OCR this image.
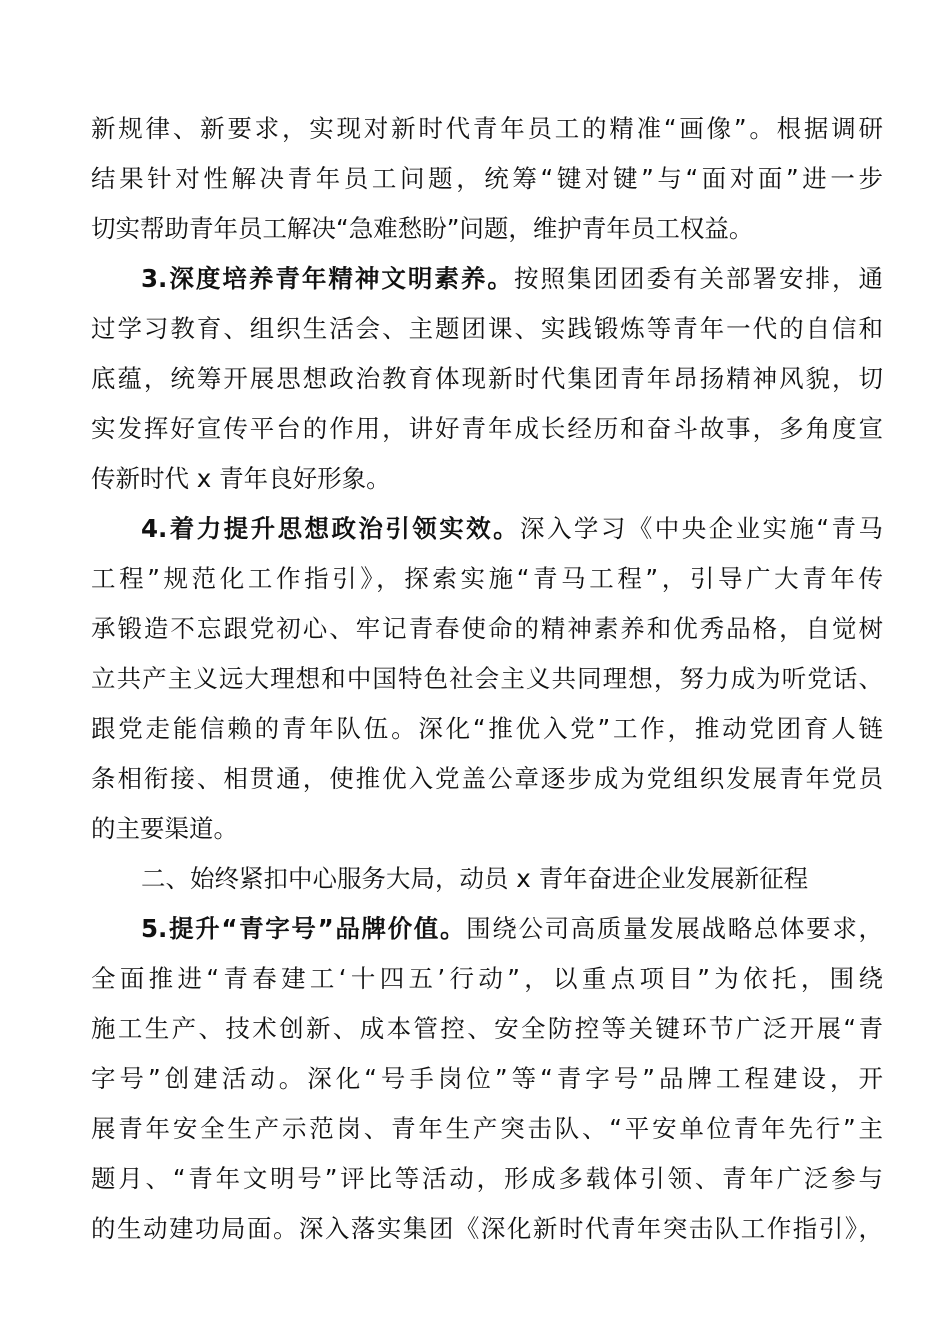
新规律、新要求，实现对新时代青年员工的精准“画像”。根据调研
结果针对性解决青年员工问题，统筹“键对键”与“面对面”进一步
切实帮助青年员工解决“急难愁盼”问题，维护青年员工权益。
3.深度培养青年精神文明素养。按照集团团委有关部署安排，通
过学习教育、组织生活会、主题团课、实践锻炼等青年一代的自信和
底蕴，统筹开展思想政治教育体现新时代集团青年昂扬精神风貌，切
实发挥好宣传平台的作用，讲好青年成长经历和奋斗故事，多角度宣
传新时代 x 青年良好形象。
4.着力提升思想政治引领实效。深入学习《中央企业实施“青马
工程”规范化工作指引》，探索实施“青马工程”，引导广大青年传
承锻造不忘跟党初心、牢记青春使命的精神素养和优秀品格，自觉树
立共产主义远大理想和中国特色社会主义共同理想，努力成为听党话、
跟党走能信赖的青年队伍。深化“推优入党”工作，推动党团育人链
条相衔接、相贯通，使推优入党盖公章逐步成为党组织发展青年党员
的主要渠道。
二、始终紧扣中心服务大局，动员 x 青年奋进企业发展新征程
5.提升“青字号”品牌价值。围绕公司高质量发展战略总体要求，
全面推进“青春建工‘十四五’行动”，以重点项目”为依托，围绕
施工生产、技术创新、成本管控、安全防控等关键环节广泛开展“青
字号”创建活动。深化“号手岗位”等“青字号”品牌工程建设，开
展青年安全生产示范岗、青年生产突击队、“平安单位青年先行”主
题月、“青年文明号”评比等活动，形成多载体引领、青年广泛参与
的生动建功局面。深入落实集团《深化新时代青年突击队工作指引》，
